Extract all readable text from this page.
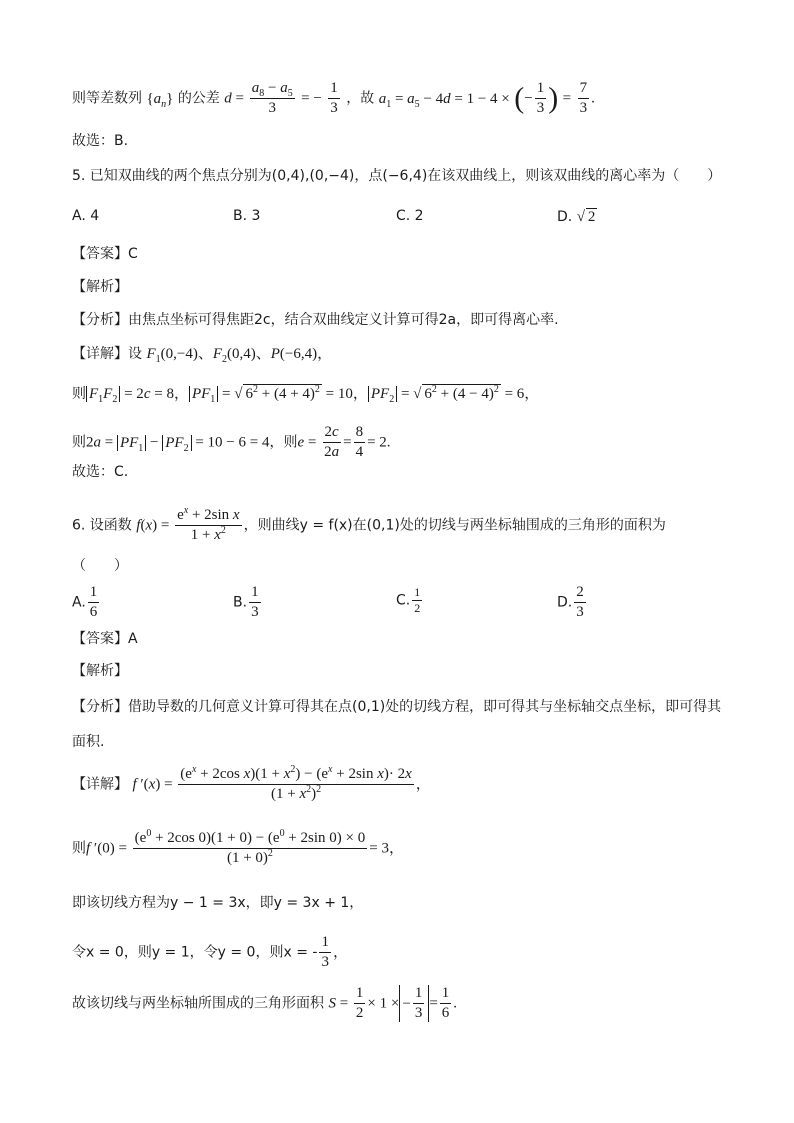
则等差数列 $\{a_n\}$ 的公差 $d = \frac{a_8 - a_5}{3}$ = − $\frac{1}{3}$ ，故 $a_1 = a_5 - 4d = 1 - 4$ × (− $\frac{1}{3}$ ) = $\frac{7}{3}$ .
故选：B.
5. 已知双曲线的两个焦点分别为(0,4),(0,−4)，点(−6,4)在该双曲线上，则该双曲线的离心率为（　　）
A. 4	B. 3	C. 2	D. √ 2
【答案】C
【解析】
【分析】由焦点坐标可得焦距2c，结合双曲线定义计算可得2a，即可得离心率.
【详解】设 $F_1(0,-4)$、$F_2(0,4)$、P(−6,4)，
则 $F_1F_2 = 2c = 8$， $PF_1$ = √ $6^2 + (4 + 4)^2 = 10$， $PF_2$ = √ $6^2 + (4 - 4)^2 = 6$，
则$2a = PF_1 - PF_2 = 10 - 6 = 4$，则$e = \frac{2c}{2a} = \frac{8}{4} = 2$.
故选：C.
6. 设函数 $f(x) = \frac{e^x + 2\sin x}{1 + x^2}$ ，则曲线y = f(x)在(0,1)处的切线与两坐标轴围成的三角形的面积为
（　　）
A. $\frac{1}{6}$	B. $\frac{1}{3}$	C. $\frac{1}{2}$	D. $\frac{2}{3}$
【答案】A
【解析】
【分析】借助导数的几何意义计算可得其在点(0,1)处的切线方程，即可得其与坐标轴交点坐标，即可得其
面积.
【详解】 f $'(x) = \frac{(e^x + 2\cos x)(1 + x^2) - (e^x + 2\sin x)\cdot 2x}{(1 + x^2)^2}$ ，
则f $'(0) = \frac{(e^0 + 2\cos 0)(1 + 0) - (e^0 + 2\sin 0) \times 0}{(1 + 0)^2} = 3$，
即该切线方程为y − 1 = 3x，即y = 3x + 1，
令x = 0，则y = 1，令y = 0，则x = - $\frac{1}{3}$ ，
故该切线与两坐标轴所围成的三角形面积 $S = \frac{1}{2} \times 1$ × − $\frac{1}{3} = \frac{1}{6}$ .
